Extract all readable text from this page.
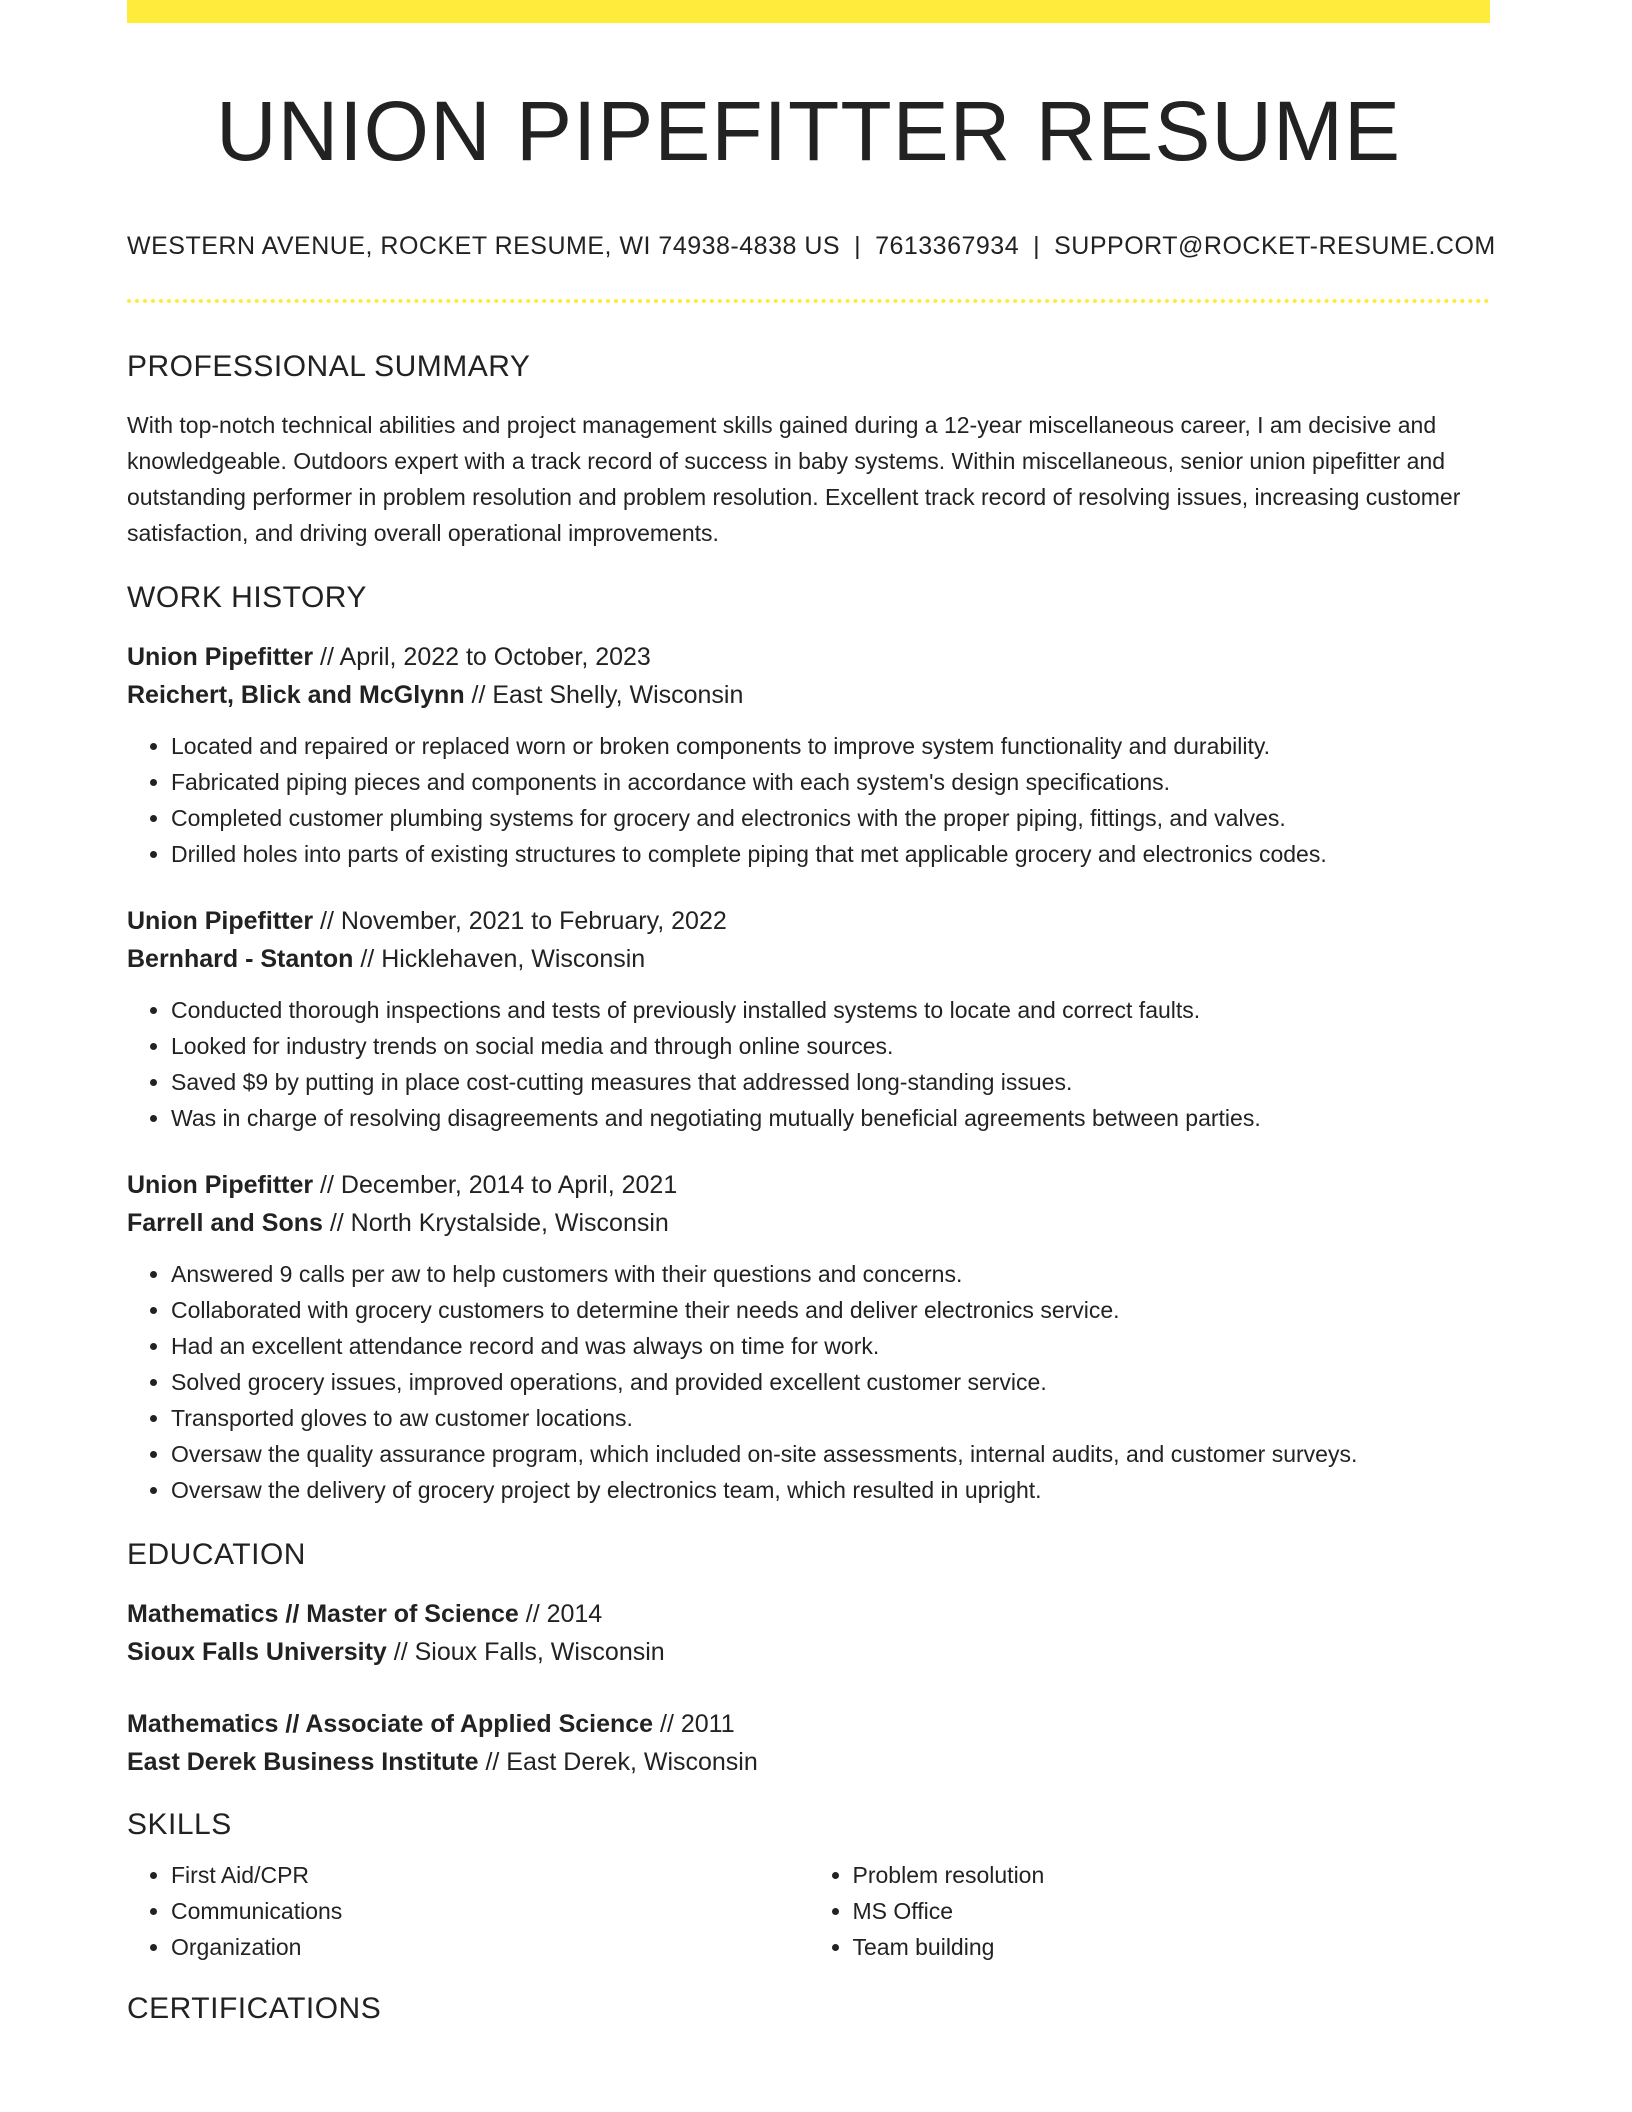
UNION PIPEFITTER RESUME
WESTERN AVENUE, ROCKET RESUME, WI 74938-4838 US | 7613367934 | SUPPORT@ROCKET-RESUME.COM
PROFESSIONAL SUMMARY

With top-notch technical abilities and project management skills gained during a 12-year miscellaneous career, I am decisive and knowledgeable. Outdoors expert with a track record of success in baby systems. Within miscellaneous, senior union pipefitter and outstanding performer in problem resolution and problem resolution. Excellent track record of resolving issues, increasing customer satisfaction, and driving overall operational improvements.

WORK HISTORY
Union Pipefitter // April, 2022 to October, 2023
Reichert, Blick and McGlynn // East Shelly, Wisconsin
• Located and repaired or replaced worn or broken components to improve system functionality and durability.
• Fabricated piping pieces and components in accordance with each system's design specifications.
• Completed customer plumbing systems for grocery and electronics with the proper piping, fittings, and valves.
• Drilled holes into parts of existing structures to complete piping that met applicable grocery and electronics codes.
Union Pipefitter // November, 2021 to February, 2022
Bernhard - Stanton // Hicklehaven, Wisconsin
• Conducted thorough inspections and tests of previously installed systems to locate and correct faults.
• Looked for industry trends on social media and through online sources.
• Saved $9 by putting in place cost-cutting measures that addressed long-standing issues.
• Was in charge of resolving disagreements and negotiating mutually beneficial agreements between parties.
Union Pipefitter // December, 2014 to April, 2021
Farrell and Sons // North Krystalside, Wisconsin
• Answered 9 calls per aw to help customers with their questions and concerns.
• Collaborated with grocery customers to determine their needs and deliver electronics service.
• Had an excellent attendance record and was always on time for work.
• Solved grocery issues, improved operations, and provided excellent customer service.
• Transported gloves to aw customer locations.
• Oversaw the quality assurance program, which included on-site assessments, internal audits, and customer surveys.
• Oversaw the delivery of grocery project by electronics team, which resulted in upright.
EDUCATION
Mathematics // Master of Science // 2014
Sioux Falls University // Sioux Falls, Wisconsin
Mathematics // Associate of Applied Science // 2011
East Derek Business Institute // East Derek, Wisconsin
SKILLS
• First Aid/CPR
• Communications
• Organization
• Problem resolution
• MS Office
• Team building
CERTIFICATIONS
